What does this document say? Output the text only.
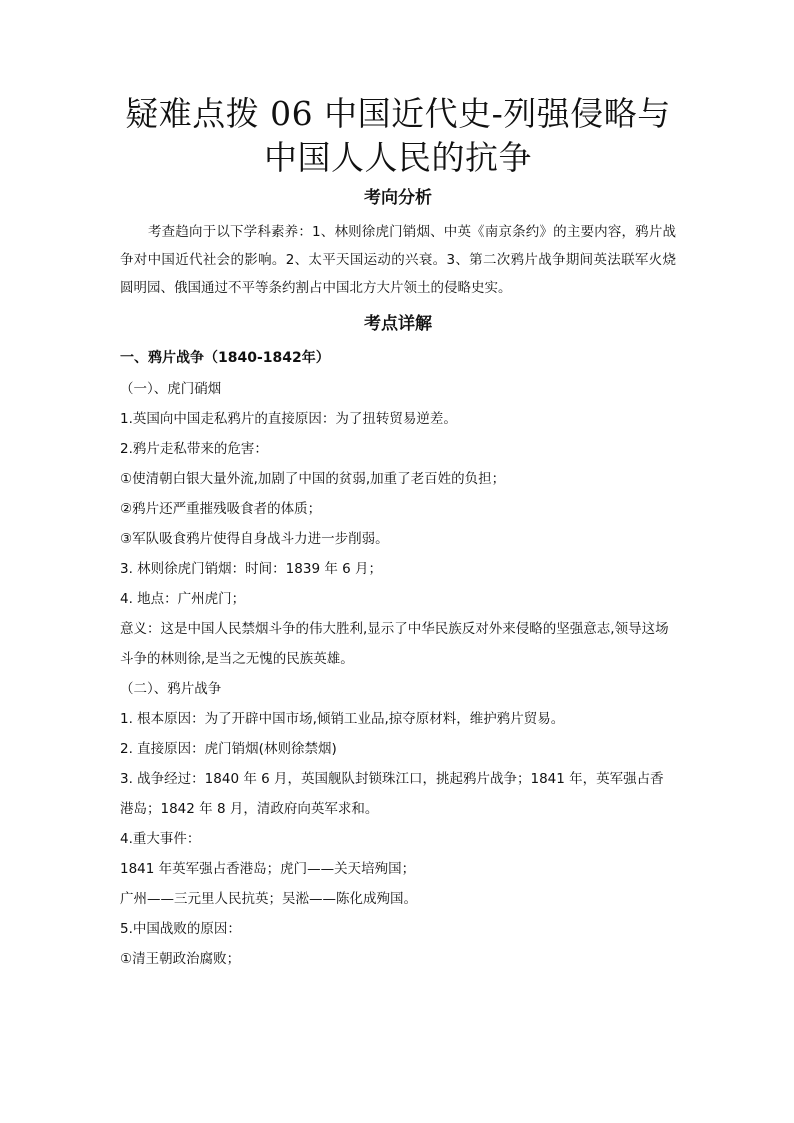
疑难点拨 06 中国近代史-列强侵略与中国人人民的抗争
考向分析

考查趋向于以下学科素养：1、林则徐虎门销烟、中英《南京条约》的主要内容，鸦片战争对中国近代社会的影响。2、太平天国运动的兴衰。3、第二次鸦片战争期间英法联军火烧圆明园、俄国通过不平等条约割占中国北方大片领土的侵略史实。

考点详解

一、鸦片战争（1840-1842年）

（一）、虎门硝烟

1.英国向中国走私鸦片的直接原因：为了扭转贸易逆差。

2.鸦片走私带来的危害：

①使清朝白银大量外流,加剧了中国的贫弱,加重了老百姓的负担；

②鸦片还严重摧残吸食者的体质；

③军队吸食鸦片使得自身战斗力进一步削弱。

3. 林则徐虎门销烟：时间：1839 年 6 月；

4. 地点：广州虎门；

意义：这是中国人民禁烟斗争的伟大胜利,显示了中华民族反对外来侵略的坚强意志,领导这场斗争的林则徐,是当之无愧的民族英雄。

（二）、鸦片战争

1. 根本原因：为了开辟中国市场,倾销工业品,掠夺原材料，维护鸦片贸易。

2. 直接原因：虎门销烟(林则徐禁烟)

3. 战争经过：1840 年 6 月，英国舰队封锁珠江口，挑起鸦片战争；1841 年，英军强占香港岛；1842 年 8 月，清政府向英军求和。

4.重大事件：

1841 年英军强占香港岛；虎门——关天培殉国；

广州——三元里人民抗英；吴淞——陈化成殉国。

5.中国战败的原因：

①清王朝政治腐败；
